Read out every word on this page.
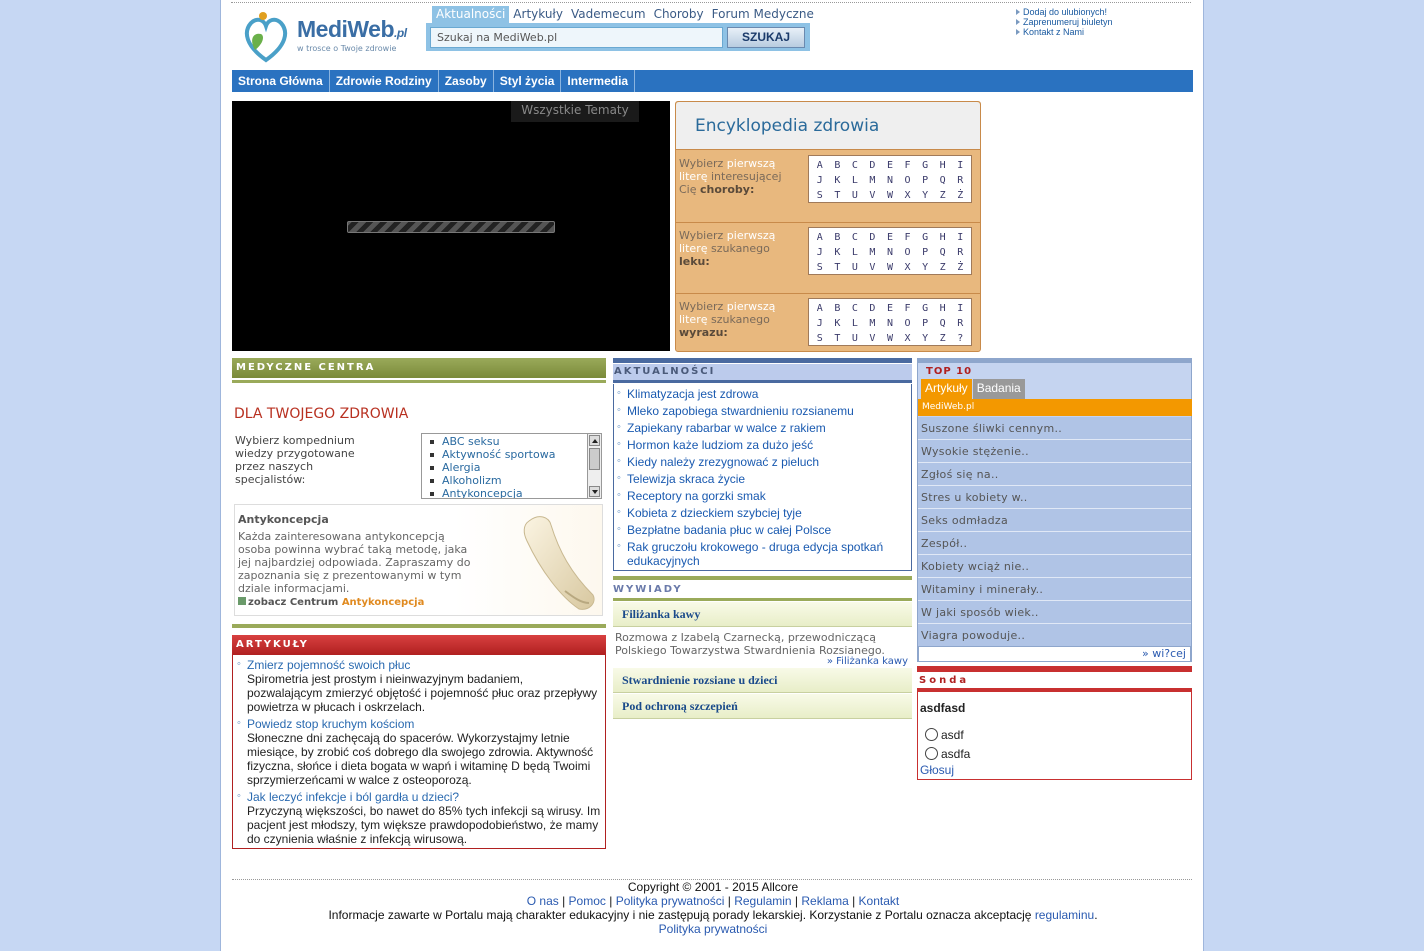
MediWeb.pl
w trosce o Twoje zdrowie
Aktualności Artykuły Vademecum Choroby Forum Medyczne
Szukaj na MediWeb.pl	SZUKAJ
Dodaj do ulubionych!
Zaprenumeruj biuletyn
Kontakt z Nami
Strona Główna	Zdrowie Rodziny	Zasoby	Styl życia	Intermedia
Wszystkie Tematy
Encyklopedia zdrowia
Wybierz pierwszą literę interesującej Cię choroby:
A	B	C	D	E	F	G	H	I
J	K	L	M	N	O	P	Q	R
S	T	U	V	W	X	Y	Z	Ż
Wybierz pierwszą literę szukanego leku:
A	B	C	D	E	F	G	H	I
J	K	L	M	N	O	P	Q	R
S	T	U	V	W	X	Y	Z	Ż
Wybierz pierwszą literę szukanego wyrazu:
A	B	C	D	E	F	G	H	I
J	K	L	M	N	O	P	Q	R
S	T	U	V	W	X	Y	Z	?
MEDYCZNE CENTRA
DLA TWOJEGO ZDROWIA
Wybierz kompednium wiedzy przygotowane przez naszych specjalistów:
ABC seksu
Aktywność sportowa
Alergia
Alkoholizm
Antykoncepcja
Antykoncepcja
Każda zainteresowana antykoncepcją osoba powinna wybrać taką metodę, jaka jej najbardziej odpowiada. Zapraszamy do zapoznania się z prezentowanymi w tym dziale informacjami.
zobacz Centrum Antykoncepcja
ARTYKUŁY
◦ Zmierz pojemność swoich płuc
Spirometria jest prostym i nieinwazyjnym badaniem, pozwalającym zmierzyć objętość i pojemność płuc oraz przepływy powietrza w płucach i oskrzelach.
◦ Powiedz stop kruchym kościom
Słoneczne dni zachęcają do spacerów. Wykorzystajmy letnie miesiące, by zrobić coś dobrego dla swojego zdrowia. Aktywność fizyczna, słońce i dieta bogata w wapń i witaminę D będą Twoimi sprzymierzeńcami w walce z osteoporozą.
◦ Jak leczyć infekcje i ból gardła u dzieci?
Przyczyną większości, bo nawet do 85% tych infekcji są wirusy. Im pacjent jest młodszy, tym większe prawdopodobieństwo, że mamy do czynienia właśnie z infekcją wirusową.
AKTUALNOŚCI
◦ Klimatyzacja jest zdrowa
◦ Mleko zapobiega stwardnieniu rozsianemu
◦ Zapiekany rabarbar w walce z rakiem
◦ Hormon każe ludziom za dużo jeść
◦ Kiedy należy zrezygnować z pieluch
◦ Telewizja skraca życie
◦ Receptory na gorzki smak
◦ Kobieta z dzieckiem szybciej tyje
◦ Bezpłatne badania płuc w całej Polsce
◦ Rak gruczołu krokowego - druga edycja spotkań edukacyjnych
WYWIADY
Filiżanka kawy
Rozmowa z Izabelą Czarnecką, przewodniczącą Polskiego Towarzystwa Stwardnienia Rozsianego.
» Filiżanka kawy
Stwardnienie rozsiane u dzieci
Pod ochroną szczepień
TOP 10
Artykuły Badania
MediWeb.pl
Suszone śliwki cennym..
Wysokie stężenie..
Zgłoś się na..
Stres u kobiety w..
Seks odmładza
Zespół..
Kobiety wciąż nie..
Witaminy i minerały..
W jaki sposób wiek..
Viagra powoduje..
» wi?cej
Sonda
asdfasd
asdf
asdfa
Głosuj
Copyright © 2001 - 2015 Allcore
O nas | Pomoc | Polityka prywatności | Regulamin | Reklama | Kontakt
Informacje zawarte w Portalu mają charakter edukacyjny i nie zastępują porady lekarskiej. Korzystanie z Portalu oznacza akceptację regulaminu.
Polityka prywatności
